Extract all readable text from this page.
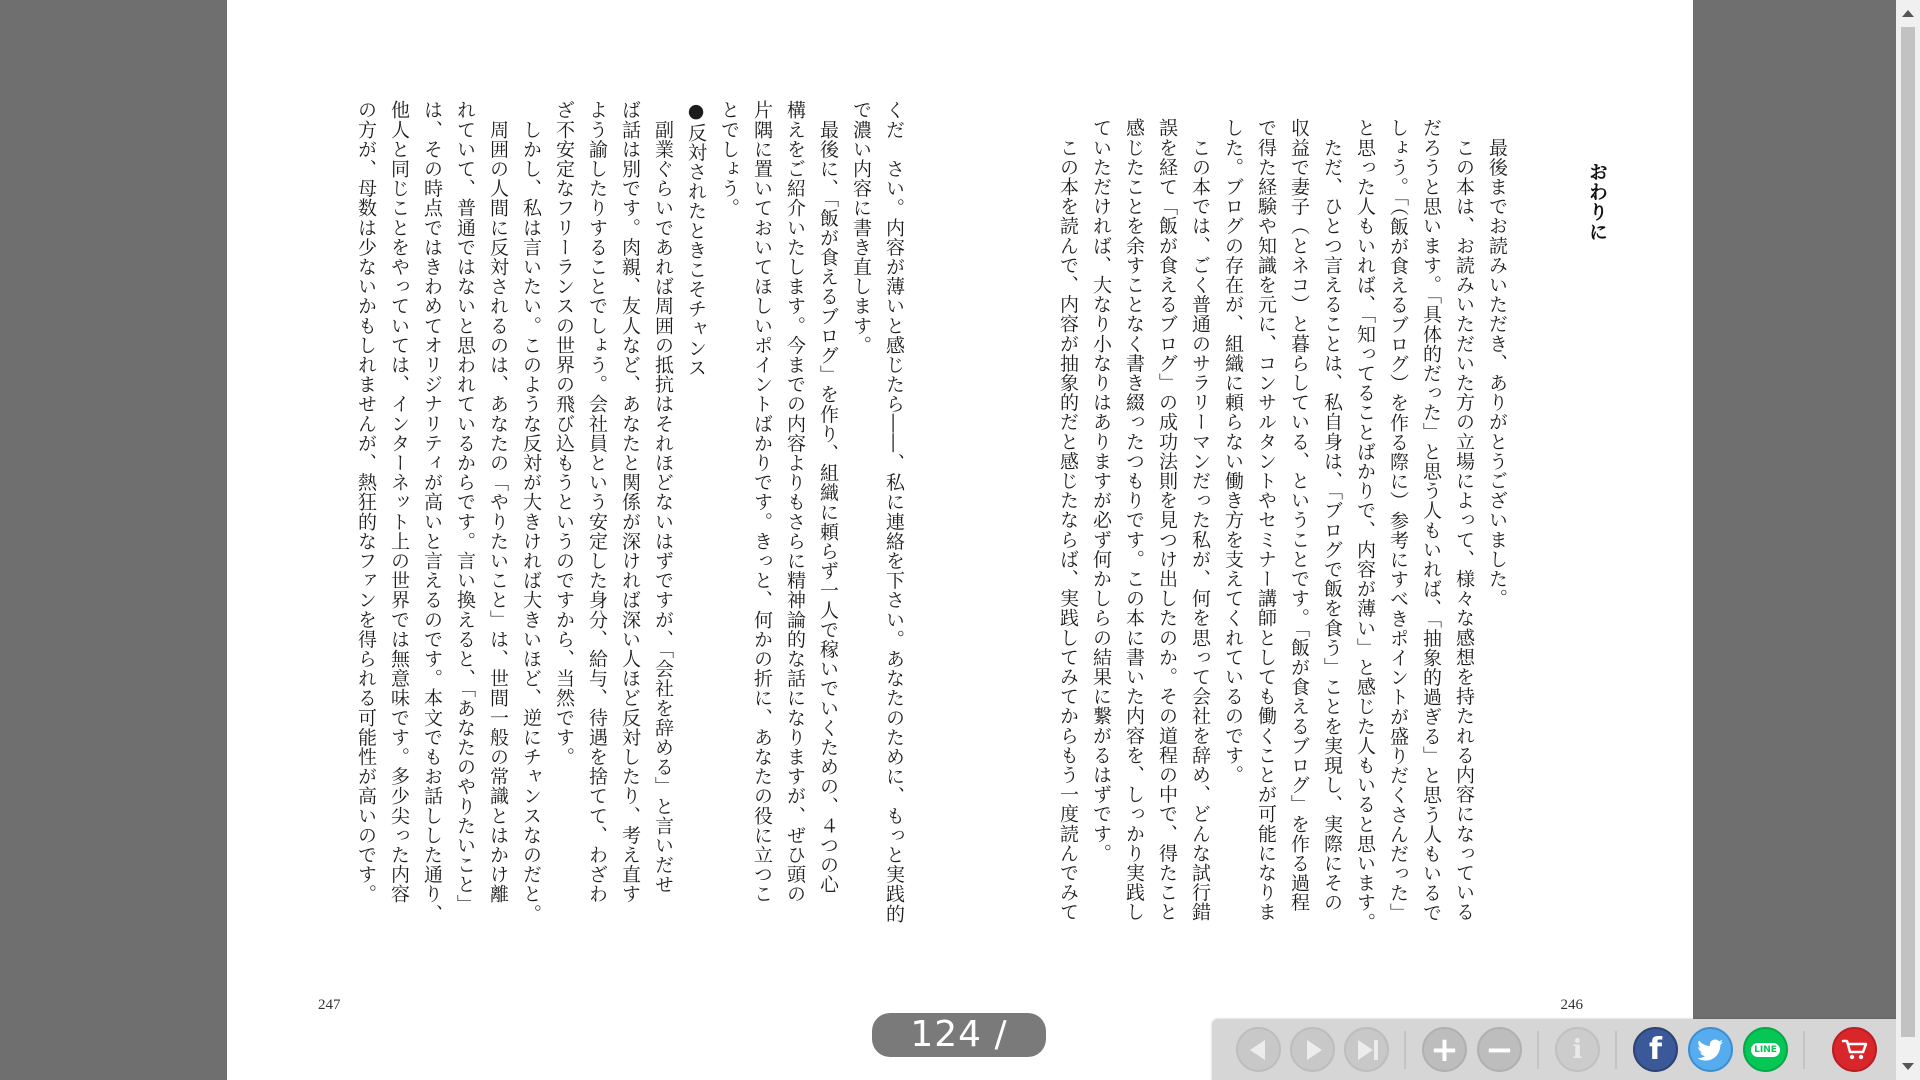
くだ　さい。内容が薄いと感じたら――、私に連絡を下さい。あなたのために、もっと実践的
で濃い内容に書き直します。
　最後に、「飯が食えるブログ」を作り、組織に頼らず一人で稼いでいくための、４つの心
構えをご紹介いたします。今までの内容よりもさらに精神論的な話になりますが、ぜひ頭の
片隅に置いておいてほしいポイントばかりです。きっと、何かの折に、あなたの役に立つこ
とでしょう。
●反対されたときこそチャンス
　副業ぐらいであれば周囲の抵抗はそれほどないはずですが、「会社を辞める」と言いだせ
ば話は別です。肉親、友人など、あなたと関係が深ければ深い人ほど反対したり、考え直す
よう諭したりすることでしょう。会社員という安定した身分、給与、待遇を捨てて、わざわ
ざ不安定なフリーランスの世界の飛び込もうというのですから、当然です。
　しかし、私は言いたい。このような反対が大きければ大きいほど、逆にチャンスなのだと。
　周囲の人間に反対されるのは、あなたの「やりたいこと」は、世間一般の常識とはかけ離
れていて、普通ではないと思われているからです。言い換えると、「あなたのやりたいこと」
は、その時点ではきわめてオリジナリティが高いと言えるのです。本文でもお話しした通り、
他人と同じことをやっていては、インターネット上の世界では無意味です。多少尖った内容
の方が、母数は少ないかもしれませんが、熱狂的なファンを得られる可能性が高いのです。
247
おわりに
　最後までお読みいただき、ありがとうございました。
　この本は、お読みいただいた方の立場によって、様々な感想を持たれる内容になっている
だろうと思います。「具体的だった」と思う人もいれば、「抽象的過ぎる」と思う人もいるで
しょう。「（飯が食えるブログ）を作る際に）参考にすべきポイントが盛りだくさんだった」
と思った人もいれば、「知ってることばかりで、内容が薄い」と感じた人もいると思います。
　ただ、ひとつ言えることは、私自身は、「ブログで飯を食う」ことを実現し、実際にその
収益で妻子（とネコ）と暮らしている、ということです。「飯が食えるブログ」を作る過程
で得た経験や知識を元に、コンサルタントやセミナー講師としても働くことが可能になりま
した。ブログの存在が、組織に頼らない働き方を支えてくれているのです。
　この本では、ごく普通のサラリーマンだった私が、何を思って会社を辞め、どんな試行錯
誤を経て「飯が食えるブログ」の成功法則を見つけ出したのか。その道程の中で、得たこと
感じたことを余すことなく書き綴ったつもりです。この本に書いた内容を、しっかり実践し
ていただければ、大なり小なりはありますが必ず何かしらの結果に繋がるはずです。
　この本を読んで、内容が抽象的だと感じたならば、実践してみてからもう一度読んでみて
246
124 /	+ −	i	f	LINE
